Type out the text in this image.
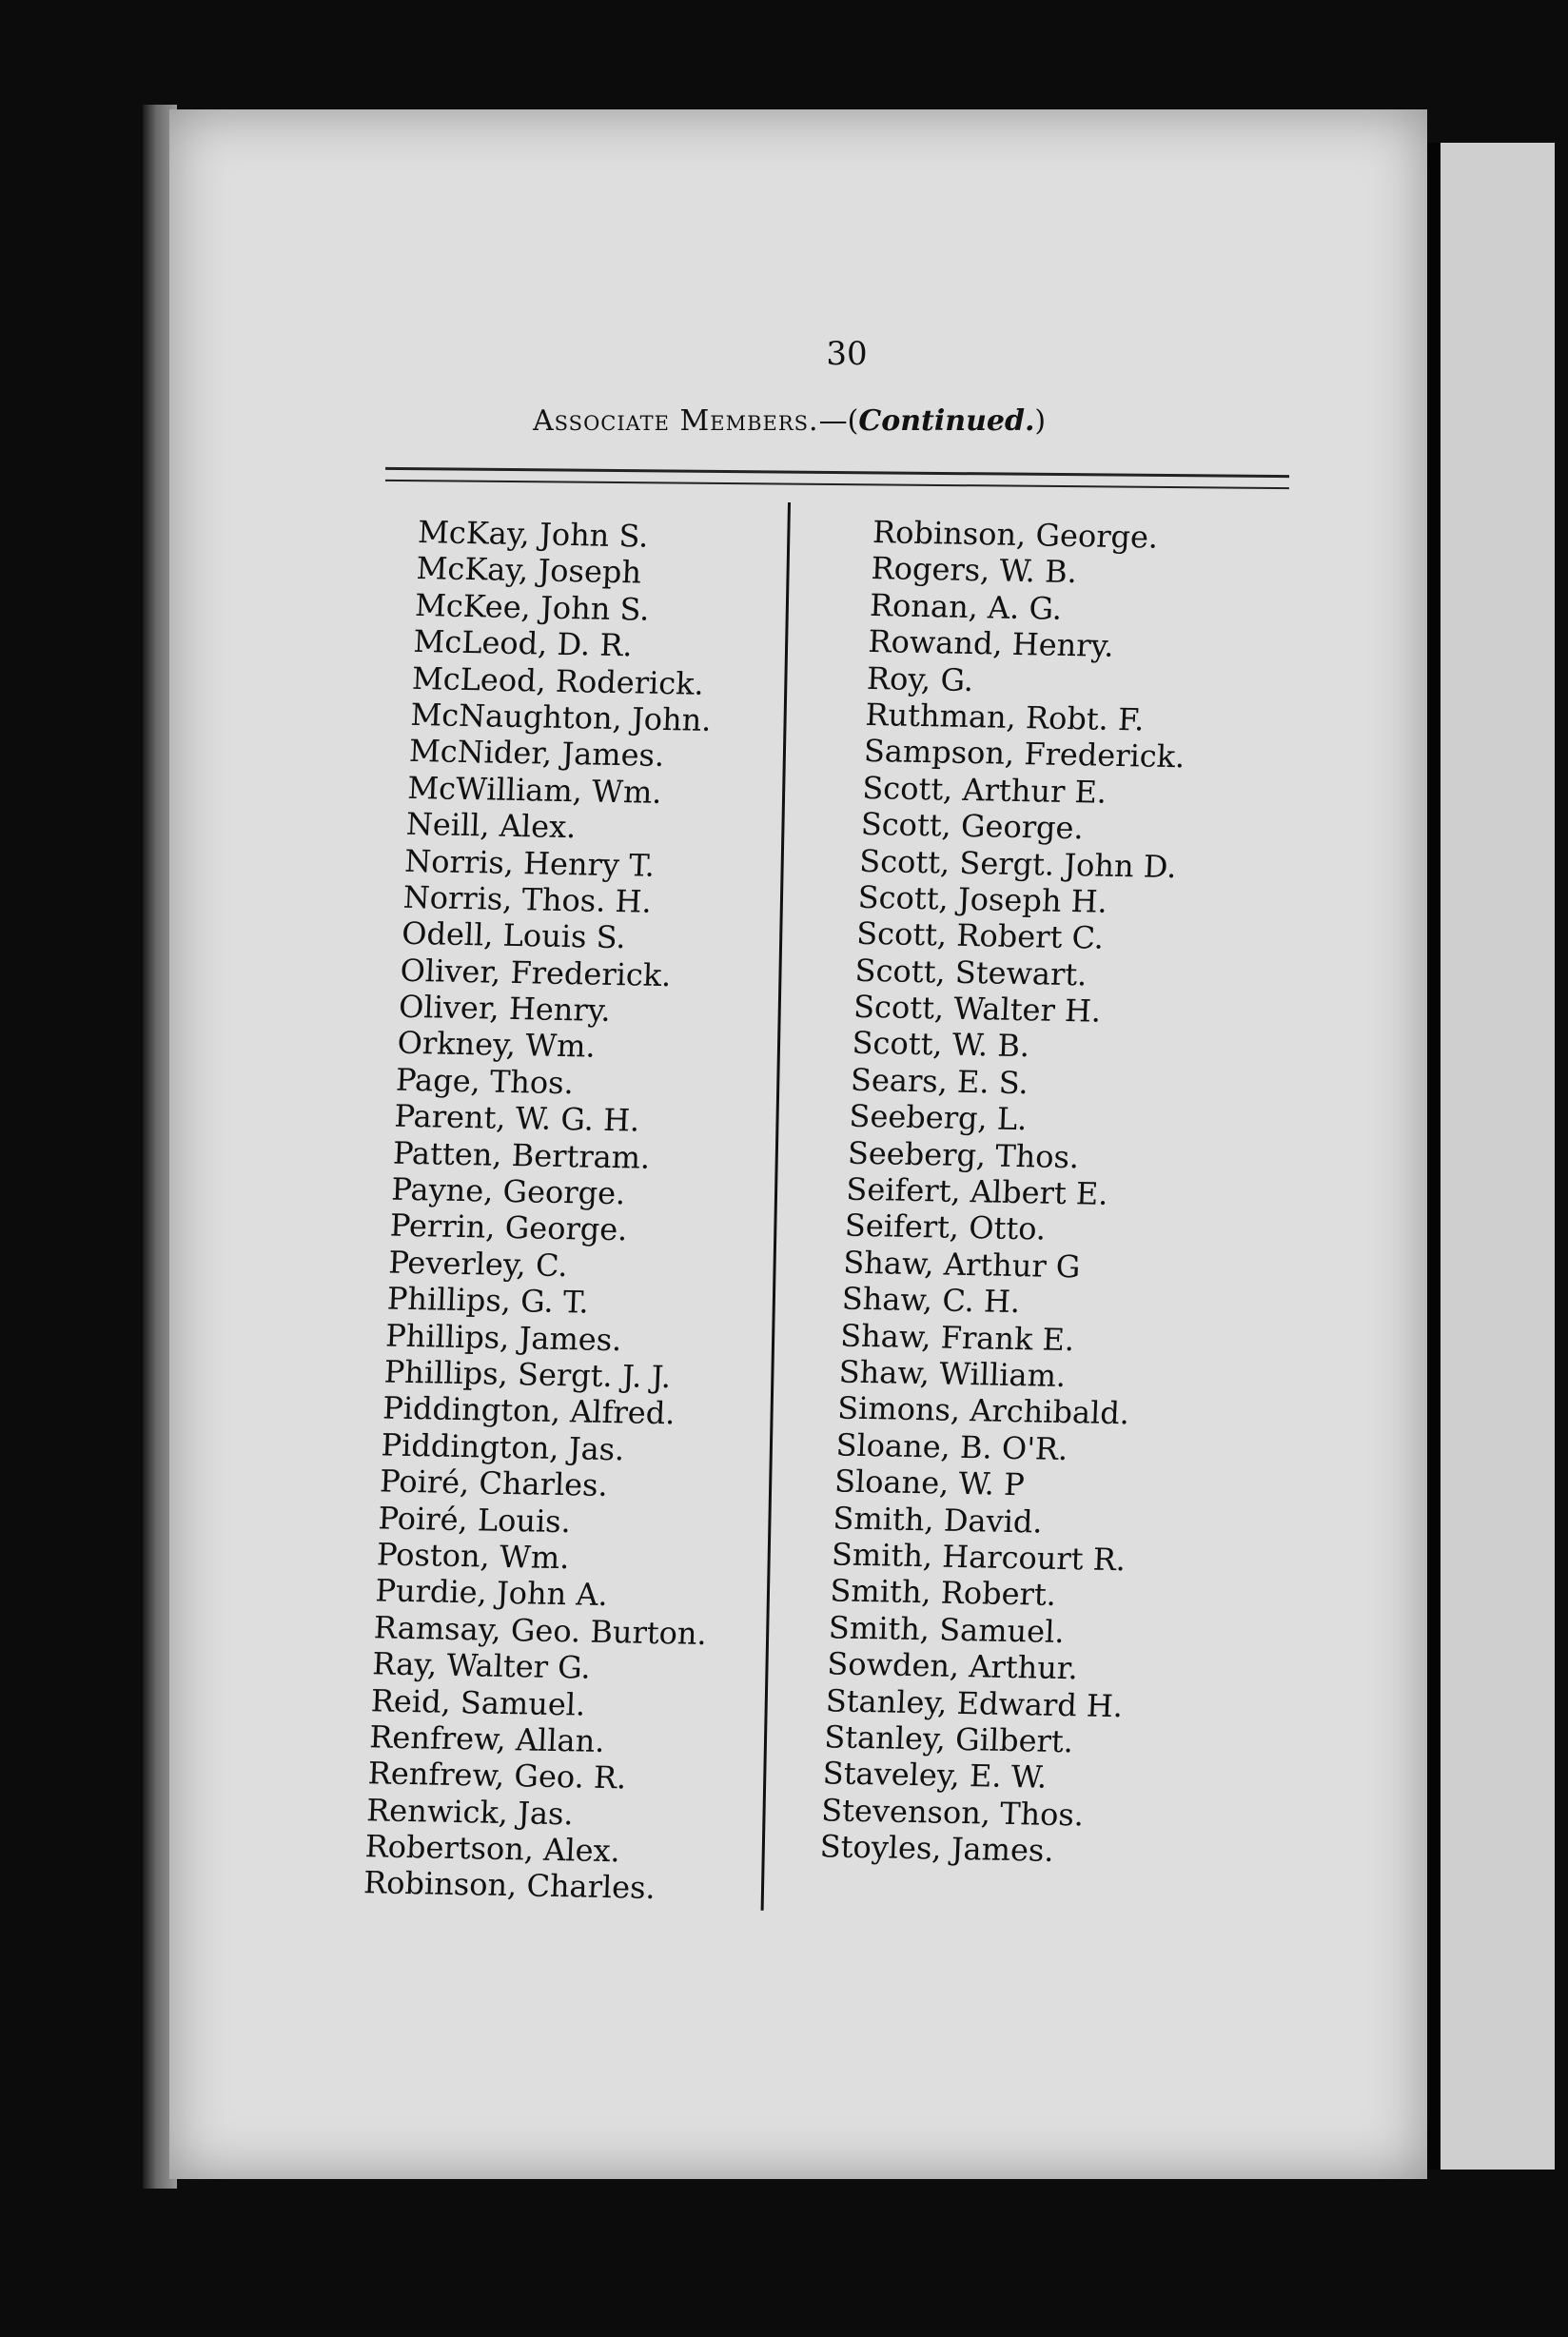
30
Associate Members.—(Continued.)
McKay, John S.
McKay, Joseph
McKee, John S.
McLeod, D. R.
McLeod, Roderick.
McNaughton, John.
McNider, James.
McWilliam, Wm.
Neill, Alex.
Norris, Henry T.
Norris, Thos. H.
Odell, Louis S.
Oliver, Frederick.
Oliver, Henry.
Orkney, Wm.
Page, Thos.
Parent, W. G. H.
Patten, Bertram.
Payne, George.
Perrin, George.
Peverley, C.
Phillips, G. T.
Phillips, James.
Phillips, Sergt. J. J.
Piddington, Alfred.
Piddington, Jas.
Poiré, Charles.
Poiré, Louis.
Poston, Wm.
Purdie, John A.
Ramsay, Geo. Burton.
Ray, Walter G.
Reid, Samuel.
Renfrew, Allan.
Renfrew, Geo. R.
Renwick, Jas.
Robertson, Alex.
Robinson, Charles.
Robinson, George.
Rogers, W. B.
Ronan, A. G.
Rowand, Henry.
Roy, G.
Ruthman, Robt. F.
Sampson, Frederick.
Scott, Arthur E.
Scott, George.
Scott, Sergt. John D.
Scott, Joseph H.
Scott, Robert C.
Scott, Stewart.
Scott, Walter H.
Scott, W. B.
Sears, E. S.
Seeberg, L.
Seeberg, Thos.
Seifert, Albert E.
Seifert, Otto.
Shaw, Arthur G
Shaw, C. H.
Shaw, Frank E.
Shaw, William.
Simons, Archibald.
Sloane, B. O'R.
Sloane, W. P
Smith, David.
Smith, Harcourt R.
Smith, Robert.
Smith, Samuel.
Sowden, Arthur.
Stanley, Edward H.
Stanley, Gilbert.
Staveley, E. W.
Stevenson, Thos.
Stoyles, James.
